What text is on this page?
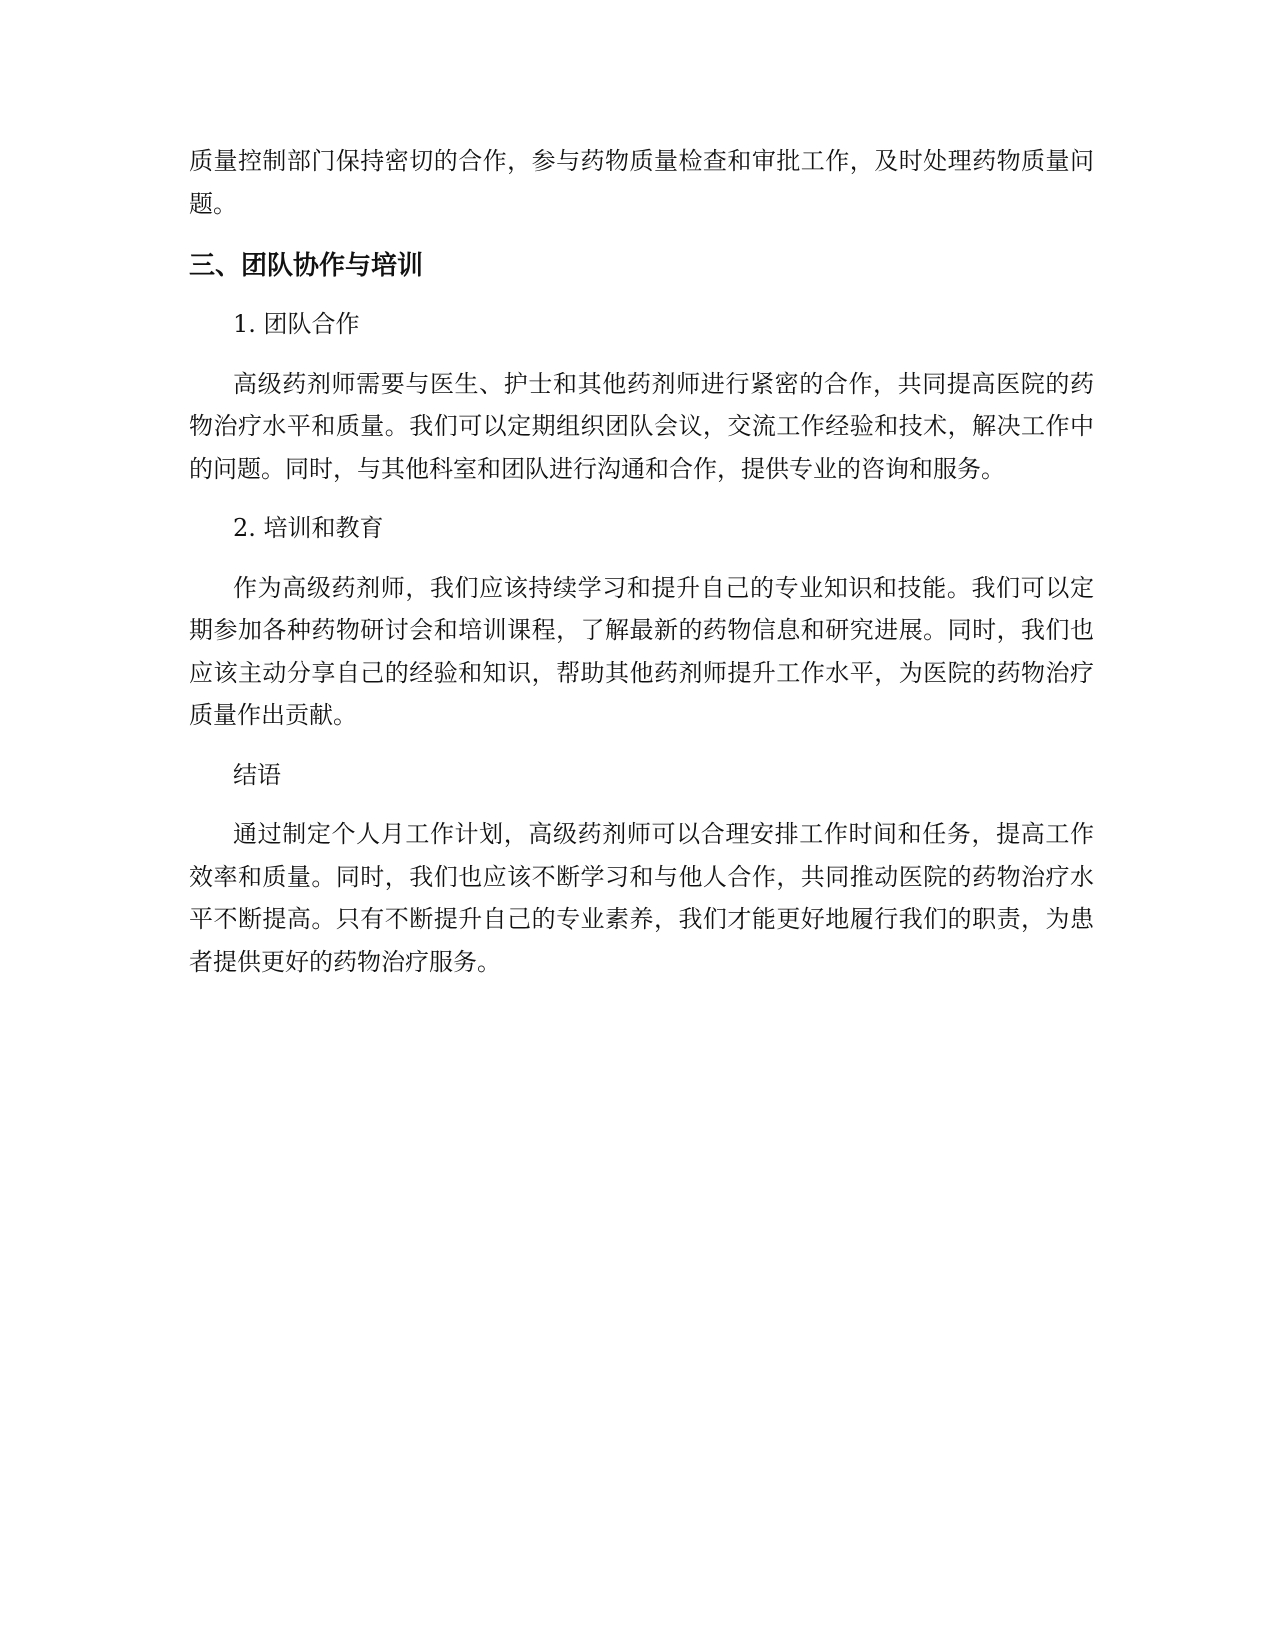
质量控制部门保持密切的合作，参与药物质量检查和审批工作，及时处理药物质量问题。

三、团队协作与培训

1. 团队合作

高级药剂师需要与医生、护士和其他药剂师进行紧密的合作，共同提高医院的药物治疗水平和质量。我们可以定期组织团队会议，交流工作经验和技术，解决工作中的问题。同时，与其他科室和团队进行沟通和合作，提供专业的咨询和服务。

2. 培训和教育

作为高级药剂师，我们应该持续学习和提升自己的专业知识和技能。我们可以定期参加各种药物研讨会和培训课程，了解最新的药物信息和研究进展。同时，我们也应该主动分享自己的经验和知识，帮助其他药剂师提升工作水平，为医院的药物治疗质量作出贡献。

结语

通过制定个人月工作计划，高级药剂师可以合理安排工作时间和任务，提高工作效率和质量。同时，我们也应该不断学习和与他人合作，共同推动医院的药物治疗水平不断提高。只有不断提升自己的专业素养，我们才能更好地履行我们的职责，为患者提供更好的药物治疗服务。
